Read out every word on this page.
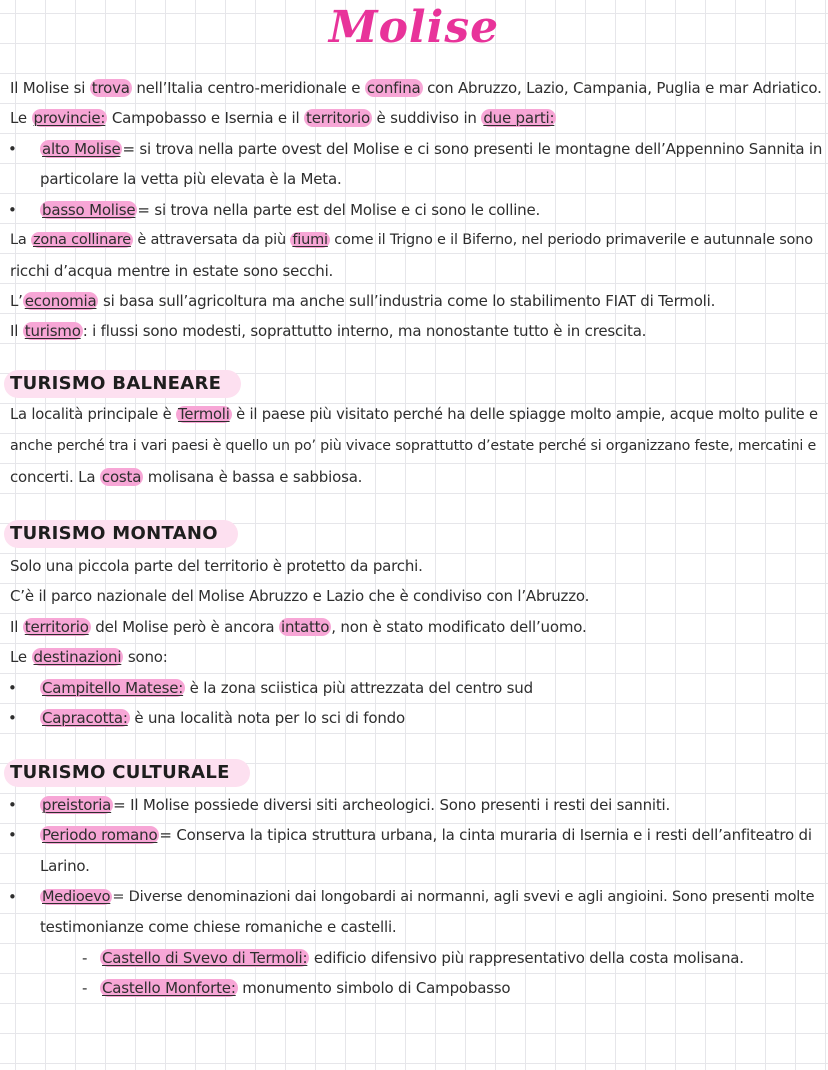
Molise
Il Molise si trova nell’Italia centro-meridionale e confina con Abruzzo, Lazio, Campania, Puglia e mar Adriatico.
Le provincie: Campobasso e Isernia e il territorio è suddiviso in due parti:
• alto Molise = si trova nella parte ovest del Molise e ci sono presenti le montagne dell’Appennino Sannita in
particolare la vetta più elevata è la Meta.
• basso Molise = si trova nella parte est del Molise e ci sono le colline.
La zona collinare è attraversata da più fiumi come il Trigno e il Biferno, nel periodo primaverile e autunnale sono
ricchi d’acqua mentre in estate sono secchi.
L’ economia si basa sull’agricoltura ma anche sull’industria come lo stabilimento FIAT di Termoli.
Il turismo : i flussi sono modesti, soprattutto interno, ma nonostante tutto è in crescita.
TURISMO BALNEARE
La località principale è Termoli è il paese più visitato perché ha delle spiagge molto ampie, acque molto pulite e
anche perché tra i vari paesi è quello un po’ più vivace soprattutto d’estate perché si organizzano feste, mercatini e
concerti. La costa molisana è bassa e sabbiosa.
TURISMO MONTANO
Solo una piccola parte del territorio è protetto da parchi.
C’è il parco nazionale del Molise Abruzzo e Lazio che è condiviso con l’Abruzzo.
Il territorio del Molise però è ancora intatto , non è stato modificato dell’uomo.
Le destinazioni sono:
• Campitello Matese: è la zona sciistica più attrezzata del centro sud
• Capracotta: è una località nota per lo sci di fondo
TURISMO CULTURALE
• preistoria = Il Molise possiede diversi siti archeologici. Sono presenti i resti dei sanniti.
• Periodo romano = Conserva la tipica struttura urbana, la cinta muraria di Isernia e i resti dell’anfiteatro di
Larino.
• Medioevo = Diverse denominazioni dai longobardi ai normanni, agli svevi e agli angioini. Sono presenti molte
testimonianze come chiese romaniche e castelli.
- Castello di Svevo di Termoli: edificio difensivo più rappresentativo della costa molisana.
- Castello Monforte: monumento simbolo di Campobasso
